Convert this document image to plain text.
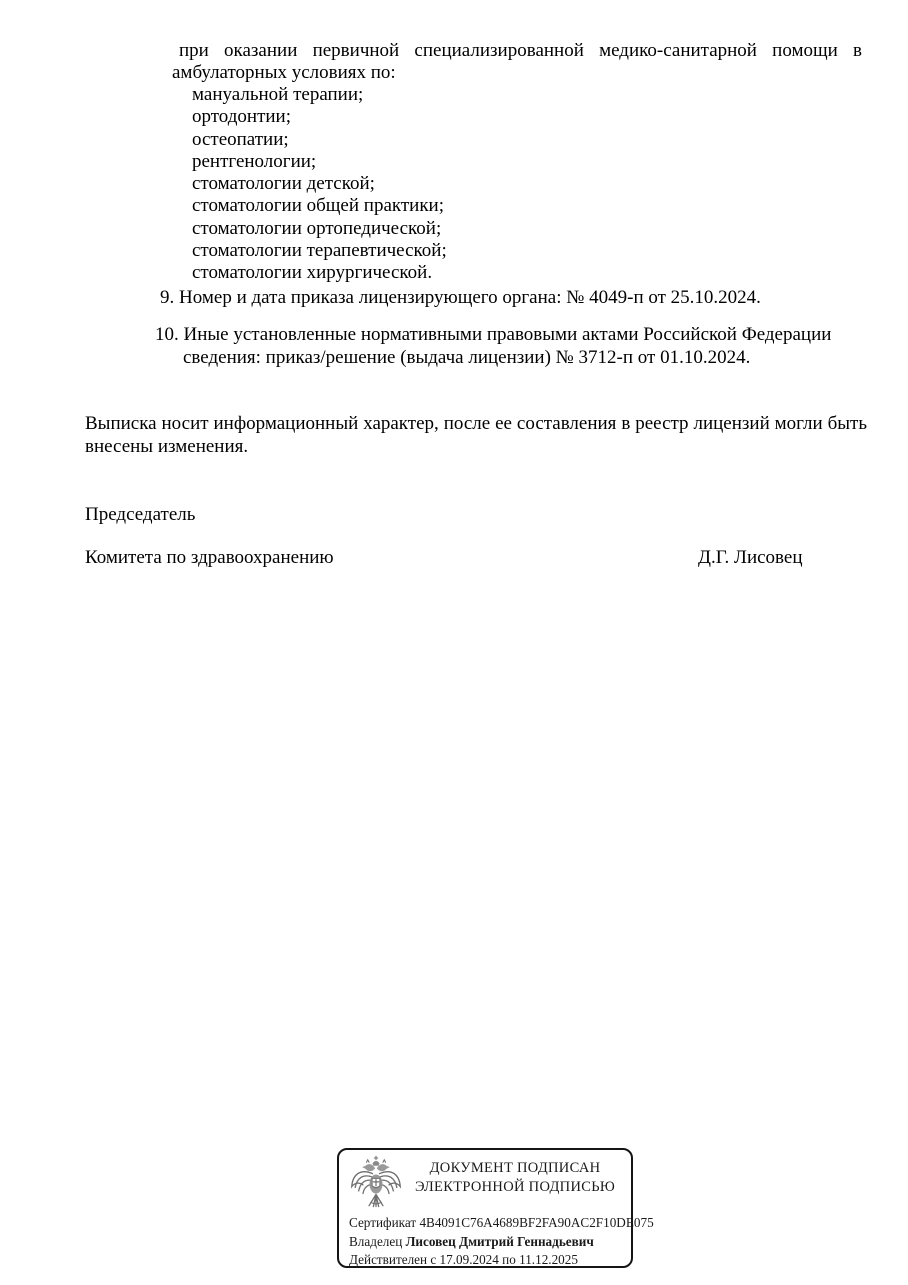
при оказании первичной специализированной медико-санитарной помощи в
амбулаторных условиях по:
мануальной терапии;
ортодонтии;
остеопатии;
рентгенологии;
стоматологии детской;
стоматологии общей практики;
стоматологии ортопедической;
стоматологии терапевтической;
стоматологии хирургической.
9. Номер и дата приказа лицензирующего органа: № 4049-п от 25.10.2024.
10. Иные установленные нормативными правовыми актами Российской Федерации
сведения: приказ/решение (выдача лицензии) № 3712-п от 01.10.2024.
Выписка носит информационный характер, после ее составления в реестр лицензий могли быть
внесены изменения.
Председатель
Комитета по здравоохранению	Д.Г. Лисовец
ДОКУМЕНТ ПОДПИСАН
ЭЛЕКТРОННОЙ ПОДПИСЬЮ
Сертификат 4B4091C76A4689BF2FA90AC2F10DE075
Владелец Лисовец Дмитрий Геннадьевич
Действителен с 17.09.2024 по 11.12.2025
